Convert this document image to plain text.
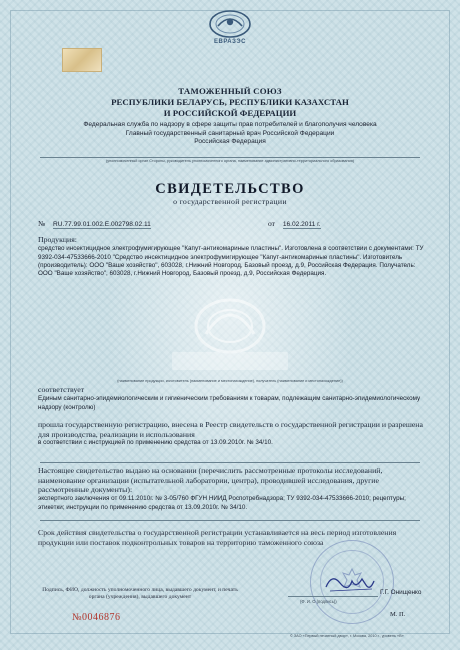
ЕВРАЗЭС
ТАМОЖЕННЫЙ СОЮЗ
РЕСПУБЛИКИ БЕЛАРУСЬ, РЕСПУБЛИКИ КАЗАХСТАН
И РОССИЙСКОЙ ФЕДЕРАЦИИ
Федеральная служба по надзору в сфере защиты прав потребителей и благополучия человека
Главный государственный санитарный врач Российской Федерации
Российская Федерация
(уполномоченный орган Стороны, руководитель уполномоченного органа, наименование административно-территориального образования)
СВИДЕТЕЛЬСТВО
о государственной регистрации
№ RU.77.99.01.002.Е.002798.02.11	от 16.02.2011 г.
Продукция:
средство инсектицидное электрофумигирующее "Капут-антикомариные пластины". Изготовлена в соответствии с документами: ТУ 9392-034-47533666-2010 "Средство инсектицидное электрофумигирующее "Капут-антикомариные пластины". Изготовитель (производитель): ООО "Ваше хозяйство", 603028, г.Нижний Новгород, Базовый проезд, д.9, Российская Федерация. Получатель: ООО "Ваше хозяйство", 603028, г.Нижний Новгород, Базовый проезд, д.9, Российская Федерация.
(наименование продукции, изготовитель (наименование и местонахождение), получатель (наименование и местонахождение))
соответствует
Единым санитарно-эпидемиологическим и гигиеническим требованиям к товарам, подлежащим санитарно-эпидемиологическому надзору (контролю)
прошла государственную регистрацию, внесена в Реестр свидетельств о государственной регистрации и разрешена для производства, реализации и использования
в соответствии с инструкцией по применению средства от 13.09.2010г. № 34/10.
Настоящее свидетельство выдано на основании (перечислить рассмотренные протоколы исследований, наименование организации (испытательной лаборатории, центра), проводившей исследования, другие рассмотренные документы):
экспертного заключения от 09.11.2010г. № 3-05/760 ФГУН НИИД Роспотребнадзора; ТУ 9392-034-47533666-2010; рецептуры; этикетки; инструкции по применению средства от 13.09.2010г. № 34/10.
Срок действия свидетельства о государственной регистрации устанавливается на весь период изготовления продукции или поставок подконтрольных товаров на территорию таможенного союза
Подпись, ФИО, должность уполномоченного лица, выдавшего документ, и печать органа (учреждения), выдавшего документ
Г.Г. Онищенко
(Ф. И. О.(подпись))
М. П.
№0046876
© ЗАО «Первый печатный двор», г. Москва, 2010 г., уровень «В»
